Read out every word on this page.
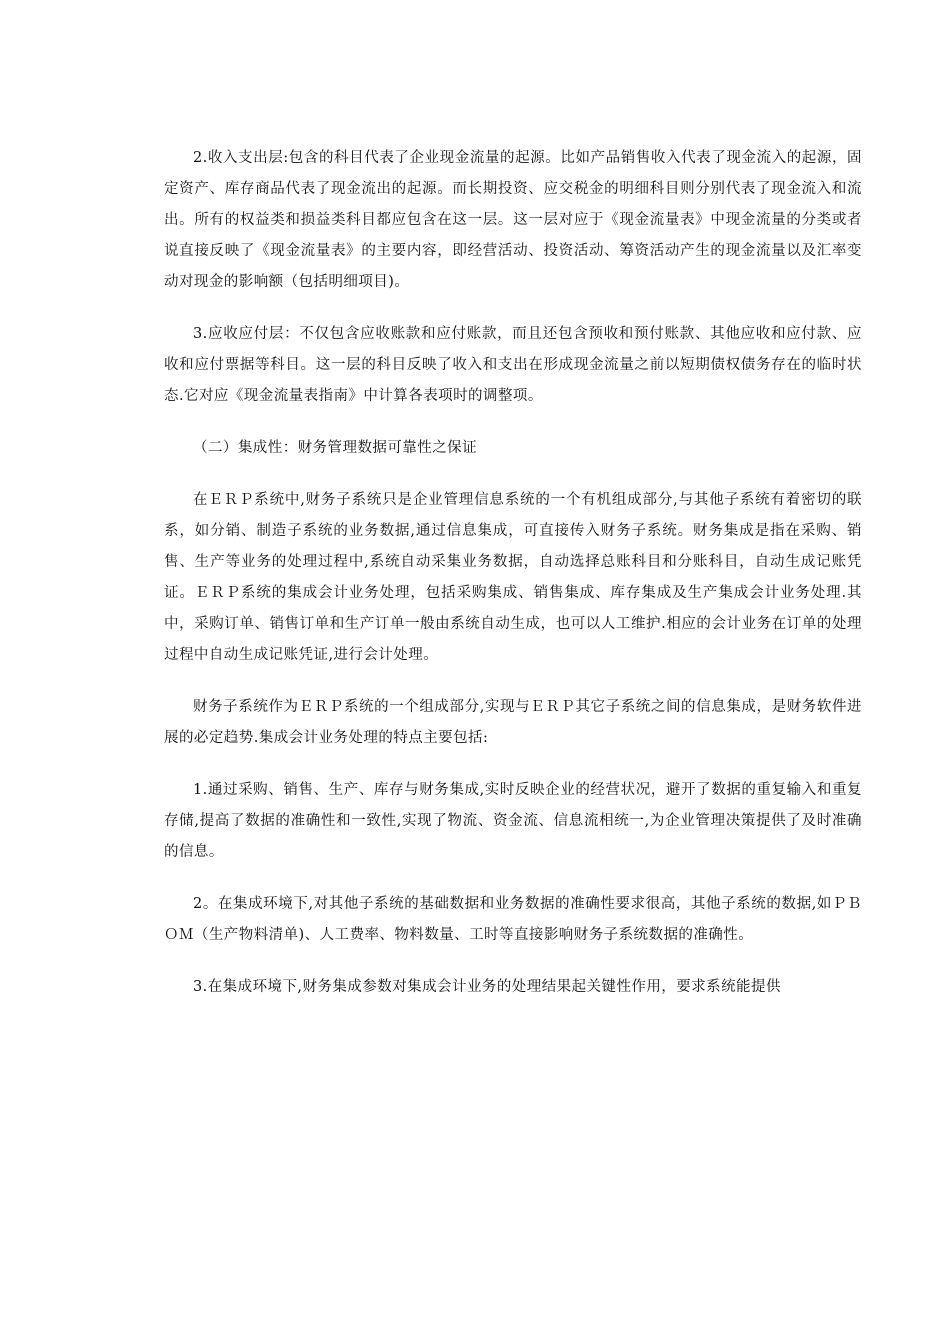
2.收入支出层:包含的科目代表了企业现金流量的起源。比如产品销售收入代表了现金流入的起源，固定资产、库存商品代表了现金流出的起源。而长期投资、应交税金的明细科目则分别代表了现金流入和流出。所有的权益类和损益类科目都应包含在这一层。这一层对应于《现金流量表》中现金流量的分类或者说直接反映了《现金流量表》的主要内容，即经营活动、投资活动、筹资活动产生的现金流量以及汇率变动对现金的影响额（包括明细项目)。

3.应收应付层：不仅包含应收账款和应付账款，而且还包含预收和预付账款、其他应收和应付款、应收和应付票据等科目。这一层的科目反映了收入和支出在形成现金流量之前以短期债权债务存在的临时状态.它对应《现金流量表指南》中计算各表项时的调整项。

（二）集成性：财务管理数据可靠性之保证

在ＥＲＰ系统中,财务子系统只是企业管理信息系统的一个有机组成部分,与其他子系统有着密切的联系，如分销、制造子系统的业务数据,通过信息集成，可直接传入财务子系统。财务集成是指在采购、销售、生产等业务的处理过程中,系统自动采集业务数据，自动选择总账科目和分账科目，自动生成记账凭证。ＥＲＰ系统的集成会计业务处理，包括采购集成、销售集成、库存集成及生产集成会计业务处理.其中，采购订单、销售订单和生产订单一般由系统自动生成，也可以人工维护.相应的会计业务在订单的处理过程中自动生成记账凭证,进行会计处理。

财务子系统作为ＥＲＰ系统的一个组成部分,实现与ＥＲＰ其它子系统之间的信息集成，是财务软件进展的必定趋势.集成会计业务处理的特点主要包括:

1.通过采购、销售、生产、库存与财务集成,实时反映企业的经营状况，避开了数据的重复输入和重复存储,提高了数据的准确性和一致性,实现了物流、资金流、信息流相统一,为企业管理决策提供了及时准确的信息。

2。在集成环境下,对其他子系统的基础数据和业务数据的准确性要求很高，其他子系统的数据,如ＰＢＯＭ（生产物料清单)、人工费率、物料数量、工时等直接影响财务子系统数据的准确性。

3.在集成环境下,财务集成参数对集成会计业务的处理结果起关键性作用，要求系统能提供
